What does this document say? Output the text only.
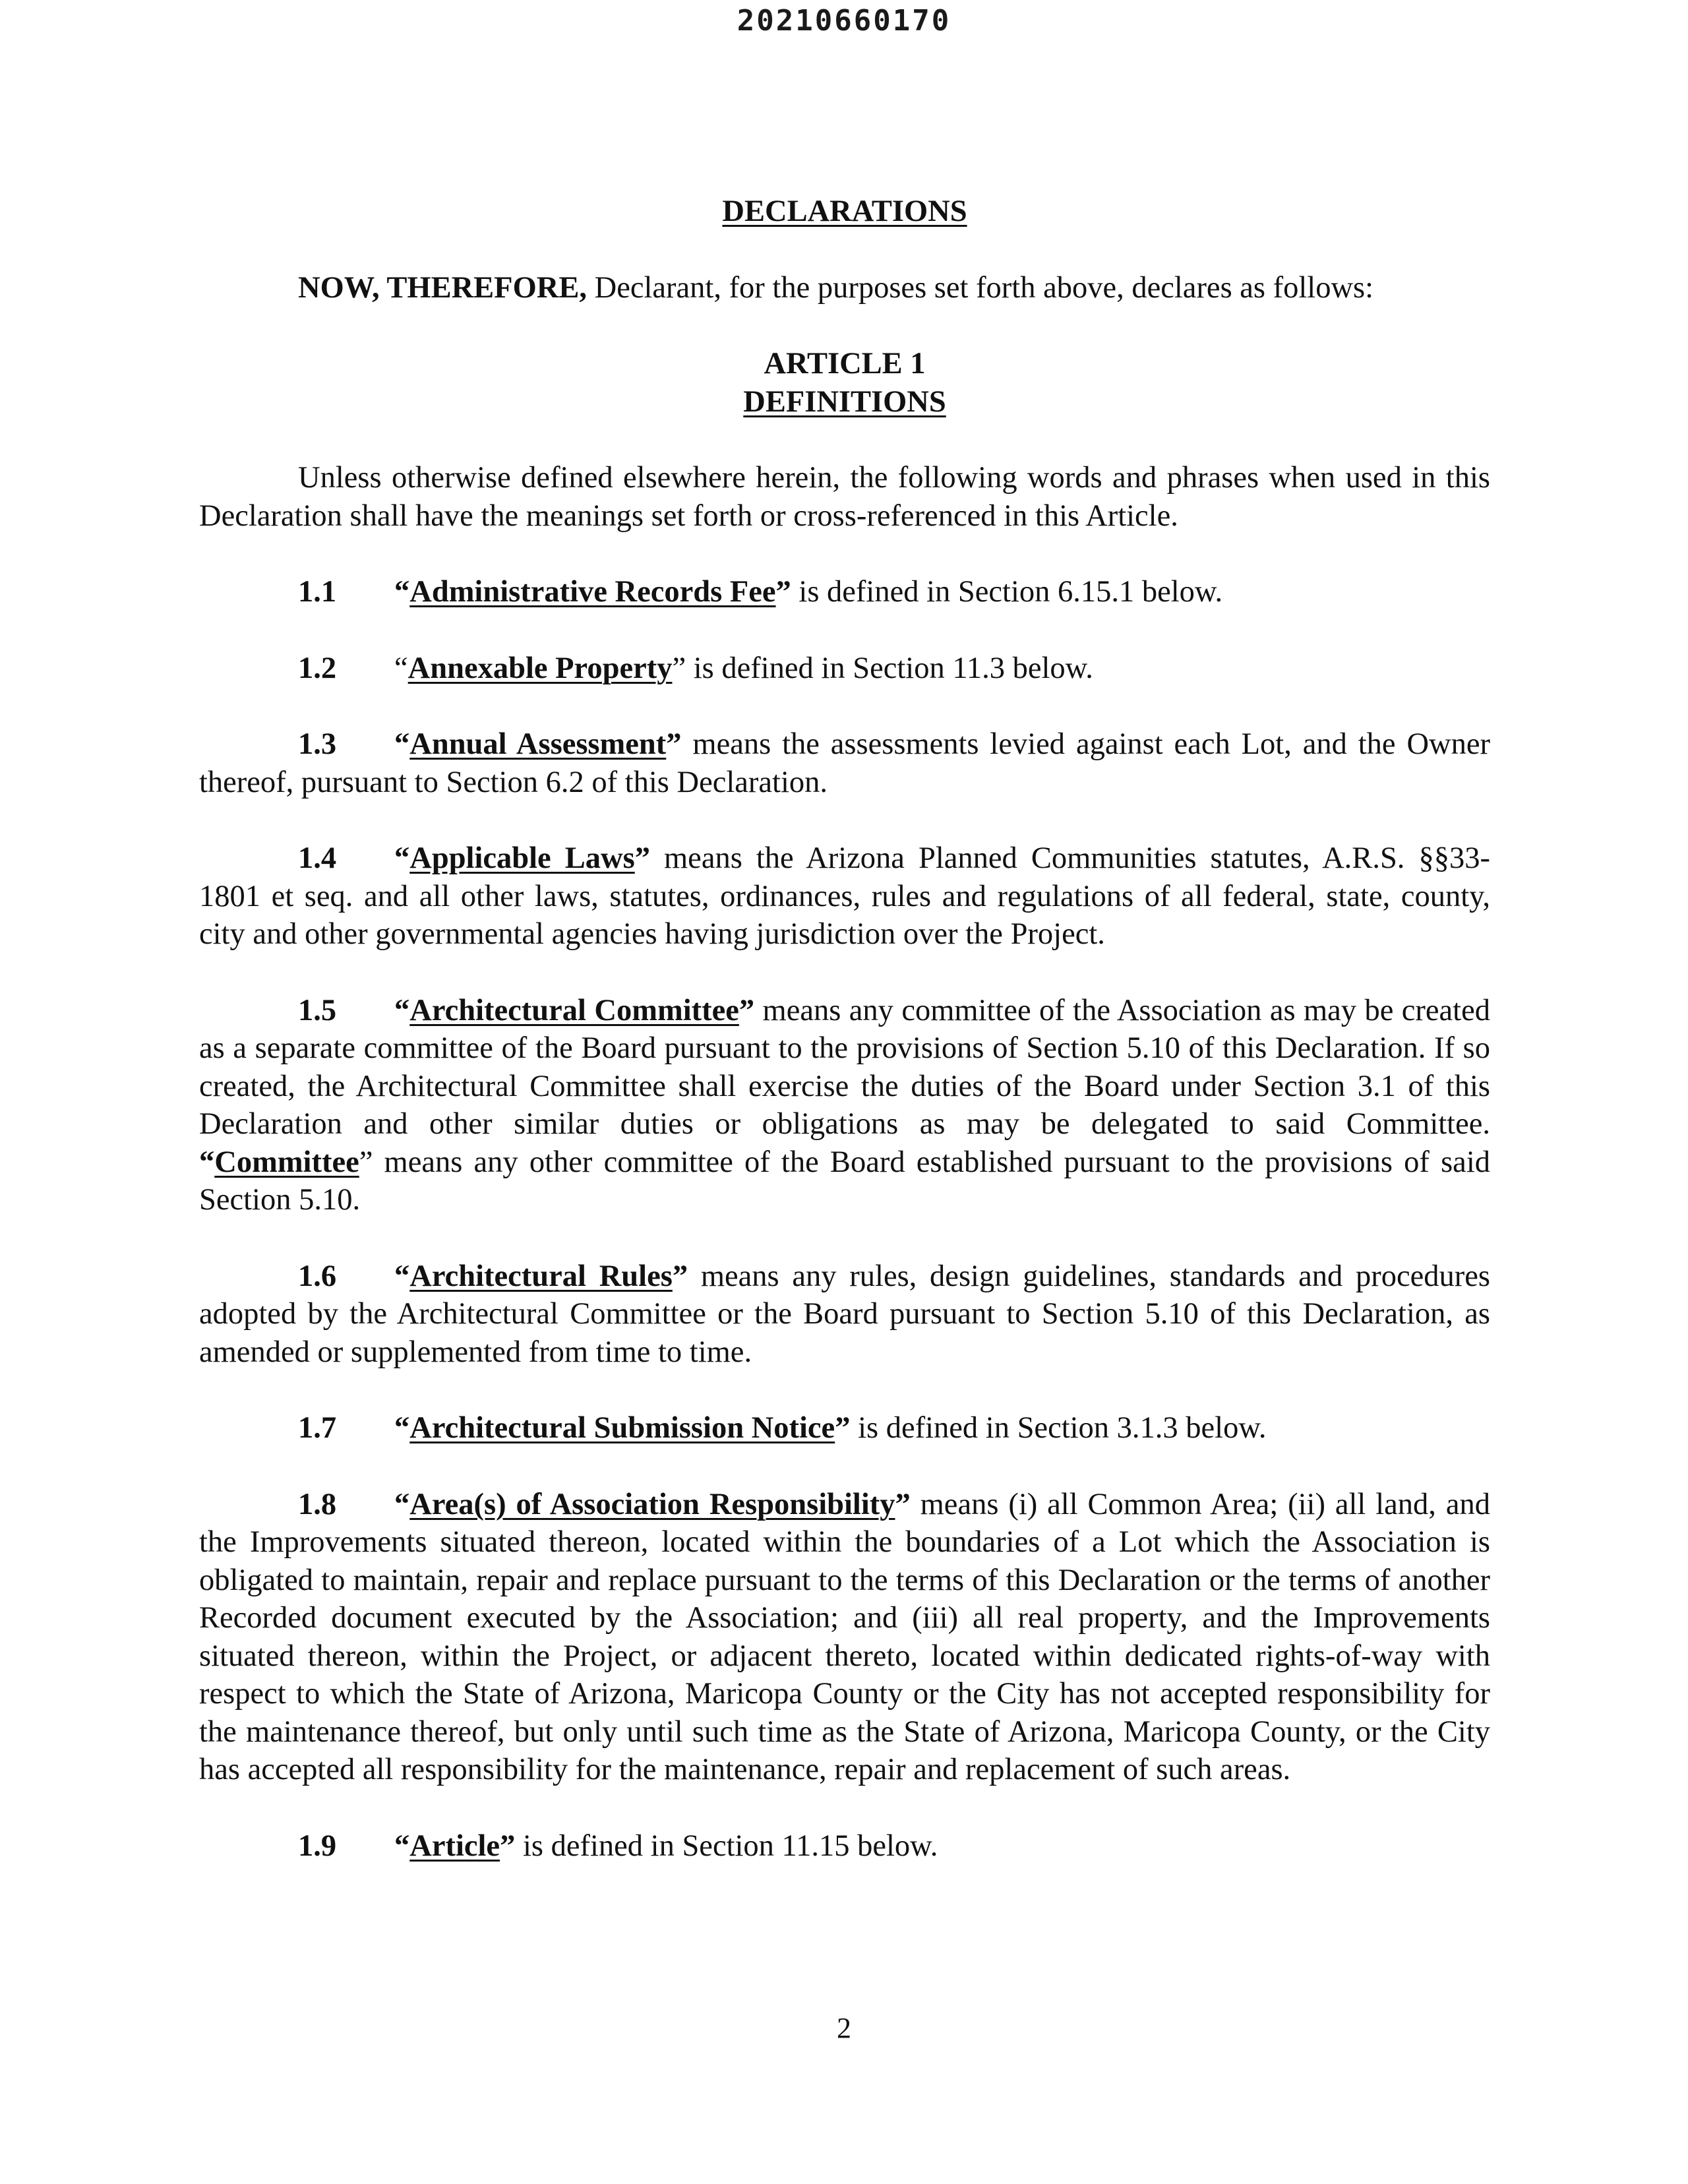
20210660170
DECLARATIONS

NOW, THEREFORE, Declarant, for the purposes set forth above, declares as follows:

ARTICLE 1
DEFINITIONS

Unless otherwise defined elsewhere herein, the following words and phrases when used in this Declaration shall have the meanings set forth or cross-referenced in this Article.

1.1 “Administrative Records Fee” is defined in Section 6.15.1 below.

1.2 “Annexable Property” is defined in Section 11.3 below.

1.3 “Annual Assessment” means the assessments levied against each Lot, and the Owner thereof, pursuant to Section 6.2 of this Declaration.

1.4 “Applicable Laws” means the Arizona Planned Communities statutes, A.R.S. §§33-1801 et seq. and all other laws, statutes, ordinances, rules and regulations of all federal, state, county, city and other governmental agencies having jurisdiction over the Project.

1.5 “Architectural Committee” means any committee of the Association as may be created as a separate committee of the Board pursuant to the provisions of Section 5.10 of this Declaration. If so created, the Architectural Committee shall exercise the duties of the Board under Section 3.1 of this Declaration and other similar duties or obligations as may be delegated to said Committee. “Committee” means any other committee of the Board established pursuant to the provisions of said Section 5.10.

1.6 “Architectural Rules” means any rules, design guidelines, standards and procedures adopted by the Architectural Committee or the Board pursuant to Section 5.10 of this Declaration, as amended or supplemented from time to time.

1.7 “Architectural Submission Notice” is defined in Section 3.1.3 below.

1.8 “Area(s) of Association Responsibility” means (i) all Common Area; (ii) all land, and the Improvements situated thereon, located within the boundaries of a Lot which the Association is obligated to maintain, repair and replace pursuant to the terms of this Declaration or the terms of another Recorded document executed by the Association; and (iii) all real property, and the Improvements situated thereon, within the Project, or adjacent thereto, located within dedicated rights-of-way with respect to which the State of Arizona, Maricopa County or the City has not accepted responsibility for the maintenance thereof, but only until such time as the State of Arizona, Maricopa County, or the City has accepted all responsibility for the maintenance, repair and replacement of such areas.

1.9 “Article” is defined in Section 11.15 below.

2
